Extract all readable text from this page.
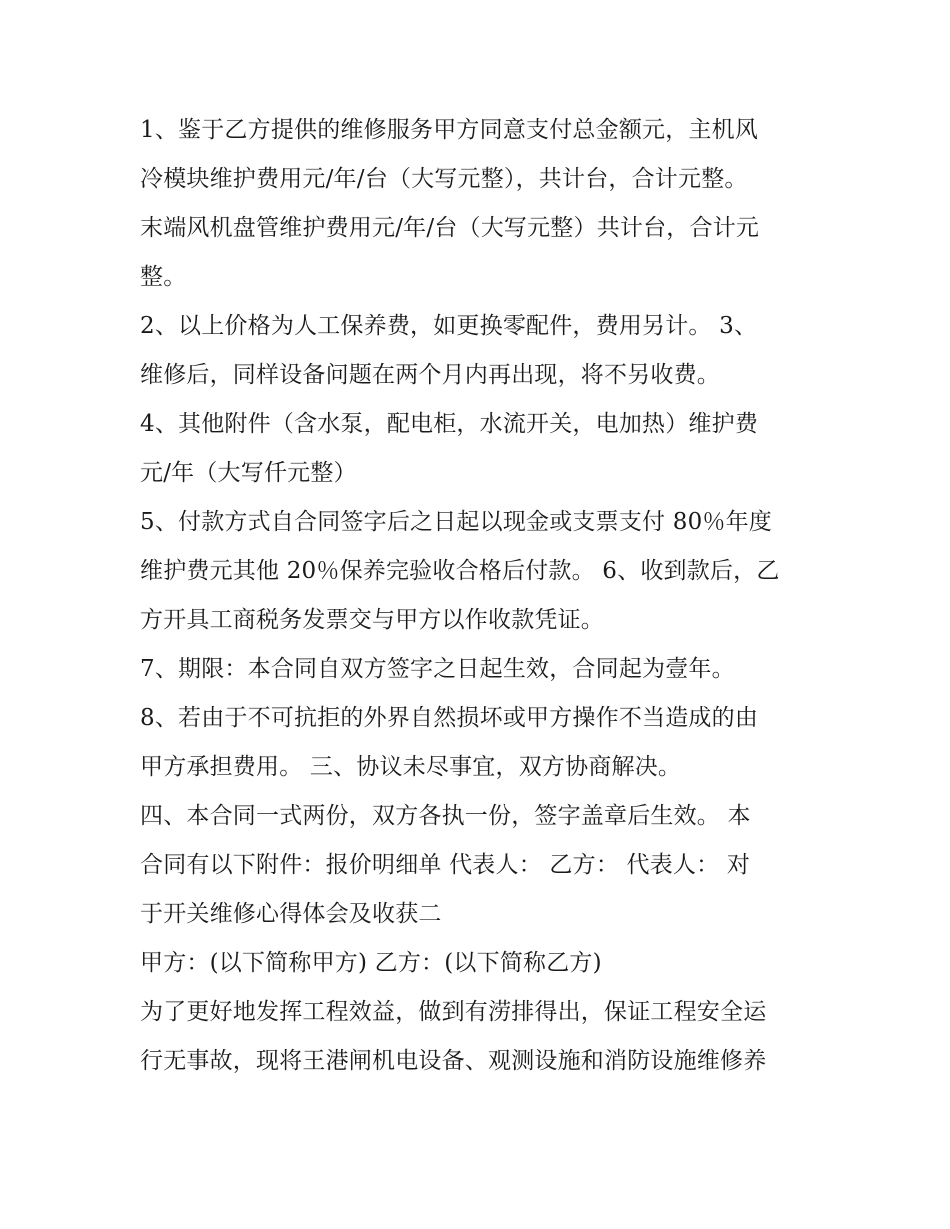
1、鉴于乙方提供的维修服务甲方同意支付总金额元，主机风
冷模块维护费用元/年/台（大写元整），共计台，合计元整。
末端风机盘管维护费用元/年/台（大写元整）共计台，合计元
整。
2、以上价格为人工保养费，如更换零配件，费用另计。 3、
维修后，同样设备问题在两个月内再出现，将不另收费。
4、其他附件（含水泵，配电柜，水流开关，电加热）维护费
元/年（大写仟元整）
5、付款方式自合同签字后之日起以现金或支票支付 80％年度
维护费元其他 20％保养完验收合格后付款。 6、收到款后，乙
方开具工商税务发票交与甲方以作收款凭证。
7、期限：本合同自双方签字之日起生效，合同起为壹年。
8、若由于不可抗拒的外界自然损坏或甲方操作不当造成的由
甲方承担费用。 三、协议未尽事宜，双方协商解决。
四、本合同一式两份，双方各执一份，签字盖章后生效。 本
合同有以下附件：报价明细单 代表人： 乙方： 代表人： 对
于开关维修心得体会及收获二
甲方：(以下简称甲方) 乙方：(以下简称乙方)
为了更好地发挥工程效益，做到有涝排得出，保证工程安全运
行无事故，现将王港闸机电设备、观测设施和消防设施维修养
